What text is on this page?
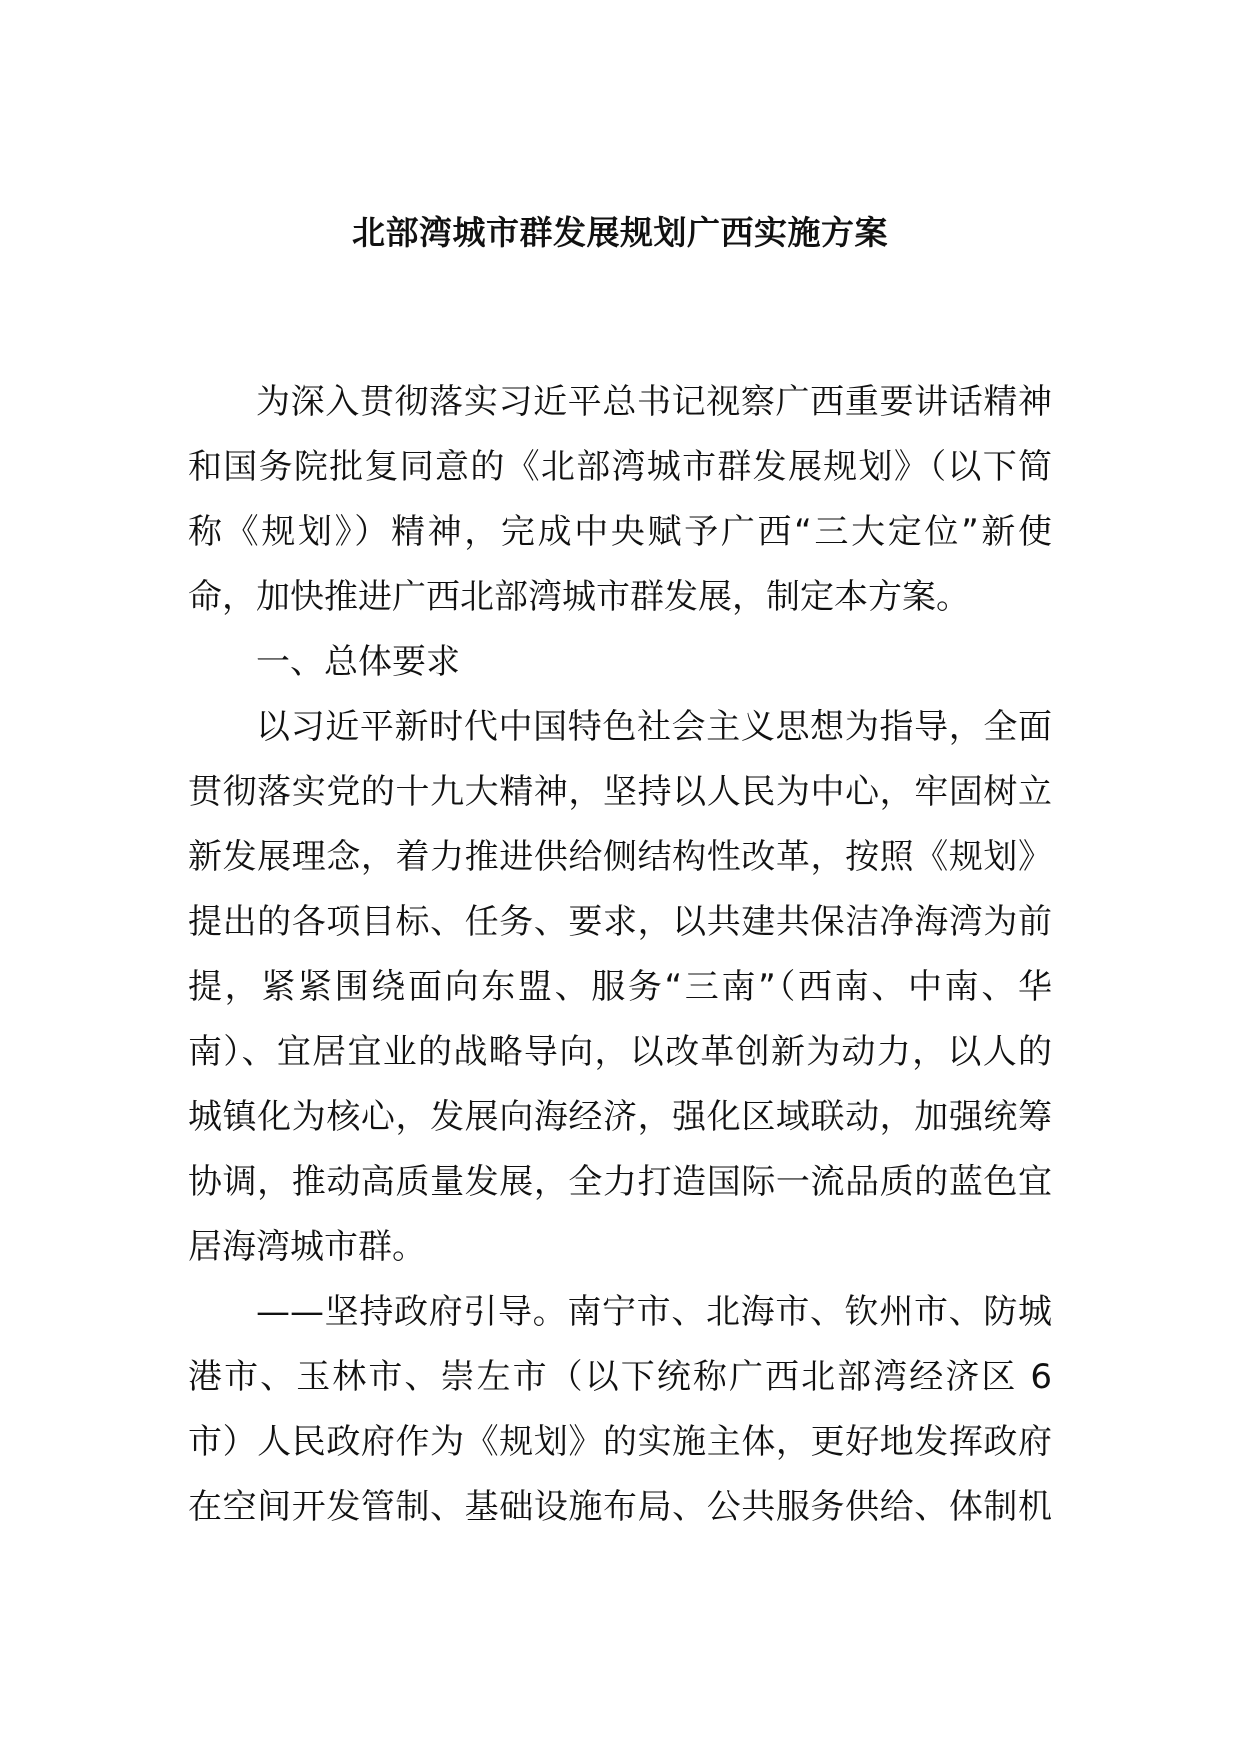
北部湾城市群发展规划广西实施方案
为深入贯彻落实习近平总书记视察广西重要讲话精神
和国务院批复同意的《北部湾城市群发展规划》（以下简
称《规划》）精神，完成中央赋予广西“三大定位”新使
命，加快推进广西北部湾城市群发展，制定本方案。
一、总体要求
以习近平新时代中国特色社会主义思想为指导，全面
贯彻落实党的十九大精神，坚持以人民为中心，牢固树立
新发展理念，着力推进供给侧结构性改革，按照《规划》
提出的各项目标、任务、要求，以共建共保洁净海湾为前
提，紧紧围绕面向东盟、服务“三南”（西南、中南、华
南）、宜居宜业的战略导向，以改革创新为动力，以人的
城镇化为核心，发展向海经济，强化区域联动，加强统筹
协调，推动高质量发展，全力打造国际一流品质的蓝色宜
居海湾城市群。
——坚持政府引导。南宁市、北海市、钦州市、防城
港市、玉林市、崇左市（以下统称广西北部湾经济区 6
市）人民政府作为《规划》的实施主体，更好地发挥政府
在空间开发管制、基础设施布局、公共服务供给、体制机
